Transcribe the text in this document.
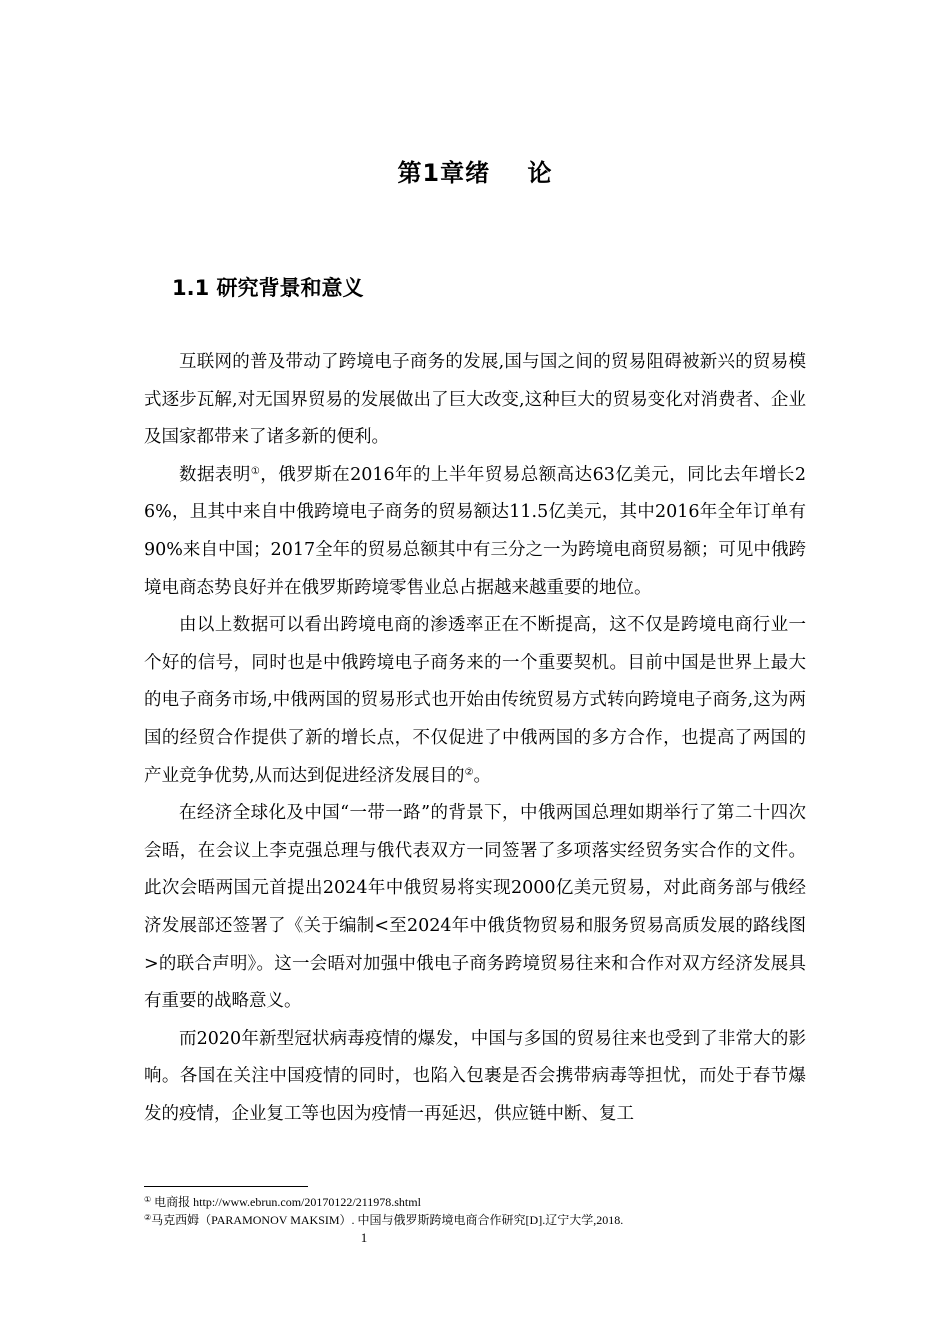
第1章绪    论
1.1 研究背景和意义

互联网的普及带动了跨境电子商务的发展,国与国之间的贸易阻碍被新兴的贸易模式逐步瓦解,对无国界贸易的发展做出了巨大改变,这种巨大的贸易变化对消费者、企业及国家都带来了诸多新的便利。

数据表明①，俄罗斯在2016年的上半年贸易总额高达63亿美元，同比去年增长26%，且其中来自中俄跨境电子商务的贸易额达11.5亿美元，其中2016年全年订单有90%来自中国；2017全年的贸易总额其中有三分之一为跨境电商贸易额；可见中俄跨境电商态势良好并在俄罗斯跨境零售业总占据越来越重要的地位。

由以上数据可以看出跨境电商的渗透率正在不断提高，这不仅是跨境电商行业一个好的信号，同时也是中俄跨境电子商务来的一个重要契机。目前中国是世界上最大的电子商务市场,中俄两国的贸易形式也开始由传统贸易方式转向跨境电子商务,这为两国的经贸合作提供了新的增长点，不仅促进了中俄两国的多方合作，也提高了两国的产业竞争优势,从而达到促进经济发展目的②。

在经济全球化及中国“一带一路”的背景下，中俄两国总理如期举行了第二十四次会晤，在会议上李克强总理与俄代表双方一同签署了多项落实经贸务实合作的文件。此次会晤两国元首提出2024年中俄贸易将实现2000亿美元贸易，对此商务部与俄经济发展部还签署了《关于编制<至2024年中俄货物贸易和服务贸易高质发展的路线图>的联合声明》。这一会晤对加强中俄电子商务跨境贸易往来和合作对双方经济发展具有重要的战略意义。

而2020年新型冠状病毒疫情的爆发，中国与多国的贸易往来也受到了非常大的影响。各国在关注中国疫情的同时，也陷入包裹是否会携带病毒等担忧，而处于春节爆发的疫情，企业复工等也因为疫情一再延迟，供应链中断、复工

① 电商报 http://www.ebrun.com/20170122/211978.shtml
②马克西姆（PARAMONOV MAKSIM）. 中国与俄罗斯跨境电商合作研究[D].辽宁大学,2018.
1
